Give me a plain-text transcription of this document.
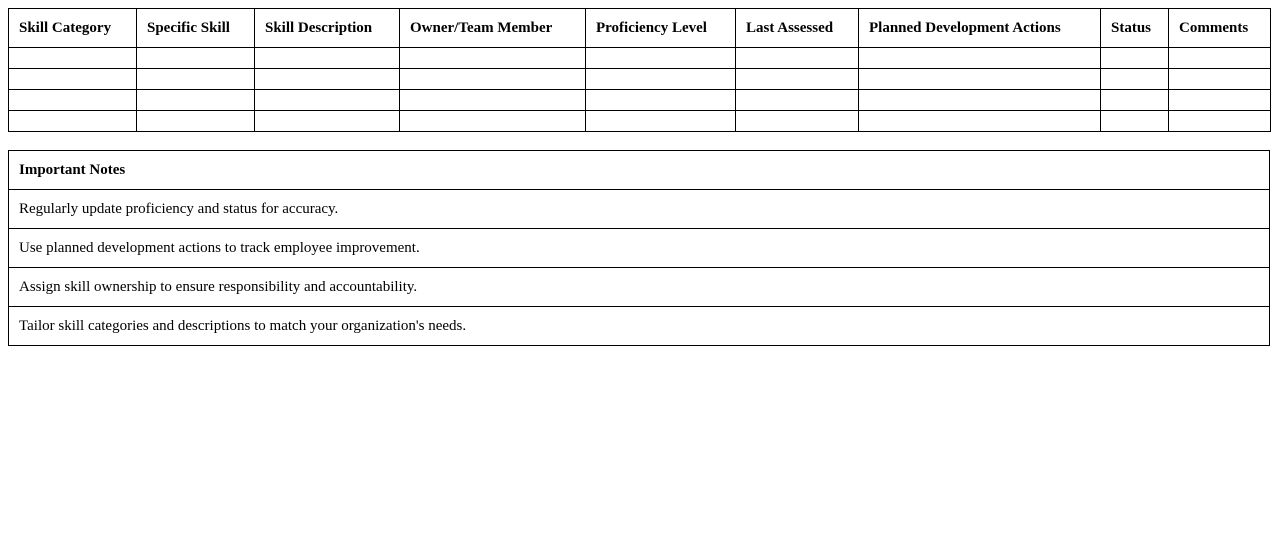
Skill Category	Specific Skill	Skill Description	Owner/Team Member	Proficiency Level	Last Assessed	Planned Development Actions	Status	Comments

Important Notes
Regularly update proficiency and status for accuracy.
Use planned development actions to track employee improvement.
Assign skill ownership to ensure responsibility and accountability.
Tailor skill categories and descriptions to match your organization's needs.
